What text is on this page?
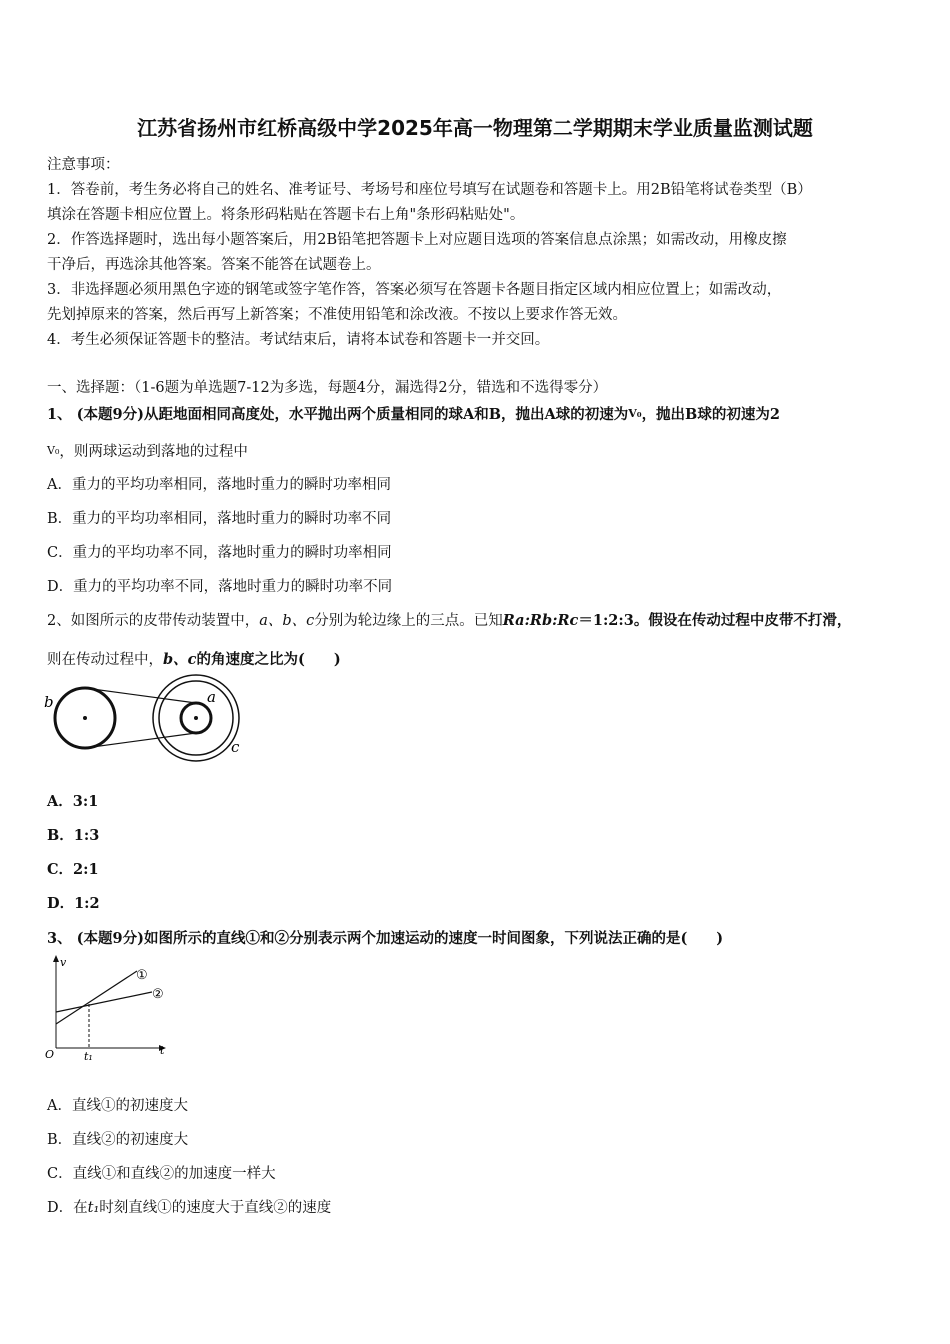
江苏省扬州市红桥高级中学2025年高一物理第二学期期末学业质量监测试题
注意事项：
1．答卷前，考生务必将自己的姓名、准考证号、考场号和座位号填写在试题卷和答题卡上。用2B铅笔将试卷类型（B）
填涂在答题卡相应位置上。将条形码粘贴在答题卡右上角"条形码粘贴处"。
2．作答选择题时，选出每小题答案后，用2B铅笔把答题卡上对应题目选项的答案信息点涂黑；如需改动，用橡皮擦
干净后，再选涂其他答案。答案不能答在试题卷上。
3．非选择题必须用黑色字迹的钢笔或签字笔作答，答案必须写在答题卡各题目指定区域内相应位置上；如需改动，
先划掉原来的答案，然后再写上新答案；不准使用铅笔和涂改液。不按以上要求作答无效。
4．考生必须保证答题卡的整洁。考试结束后，请将本试卷和答题卡一并交回。
一、选择题：（1-6题为单选题7-12为多选，每题4分，漏选得2分，错选和不选得零分）
1、 (本题9分)从距地面相同高度处，水平抛出两个质量相同的球A和B，抛出A球的初速为V₀，抛出B球的初速为2
V₀，则两球运动到落地的过程中
A．重力的平均功率相同，落地时重力的瞬时功率相同
B．重力的平均功率相同，落地时重力的瞬时功率不同
C．重力的平均功率不同，落地时重力的瞬时功率相同
D．重力的平均功率不同，落地时重力的瞬时功率不同
2、如图所示的皮带传动装置中，a、b、c分别为轮边缘上的三点。已知Ra:Rb:Rc＝1:2:3。假设在传动过程中皮带不打滑，
则在传动过程中，b、c的角速度之比为(　　)
b	a
c
A．3:1
B．1:3
C．2:1
D．1:2
3、 (本题9分)如图所示的直线①和②分别表示两个加速运动的速度一时间图象，下列说法正确的是(　　)
v
t
O	t₁
①
②
A．直线①的初速度大
B．直线②的初速度大
C．直线①和直线②的加速度一样大
D．在t₁时刻直线①的速度大于直线②的速度
